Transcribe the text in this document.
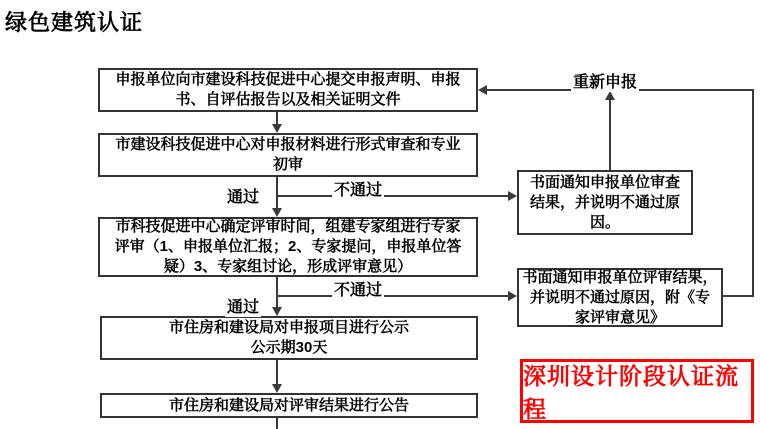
绿色建筑认证
申报单位向市建设科技促进中心提交申报声明、申报
书、自评估报告以及相关证明文件
市建设科技促进中心对申报材料进行形式审查和专业
初审
市科技促进中心确定评审时间，组建专家组进行专家
评审（1、申报单位汇报；2、专家提问，申报单位答
疑）3、专家组讨论，形成评审意见）
市住房和建设局对申报项目进行公示
公示期30天
市住房和建设局对评审结果进行公告
书面通知申报单位审查
结果，并说明不通过原
因。
书面通知申报单位评审结果，
并说明不通过原因，附《专
家评审意见》
深圳设计阶段认证流程
通过	不通过
通过
不通过
重新申报
